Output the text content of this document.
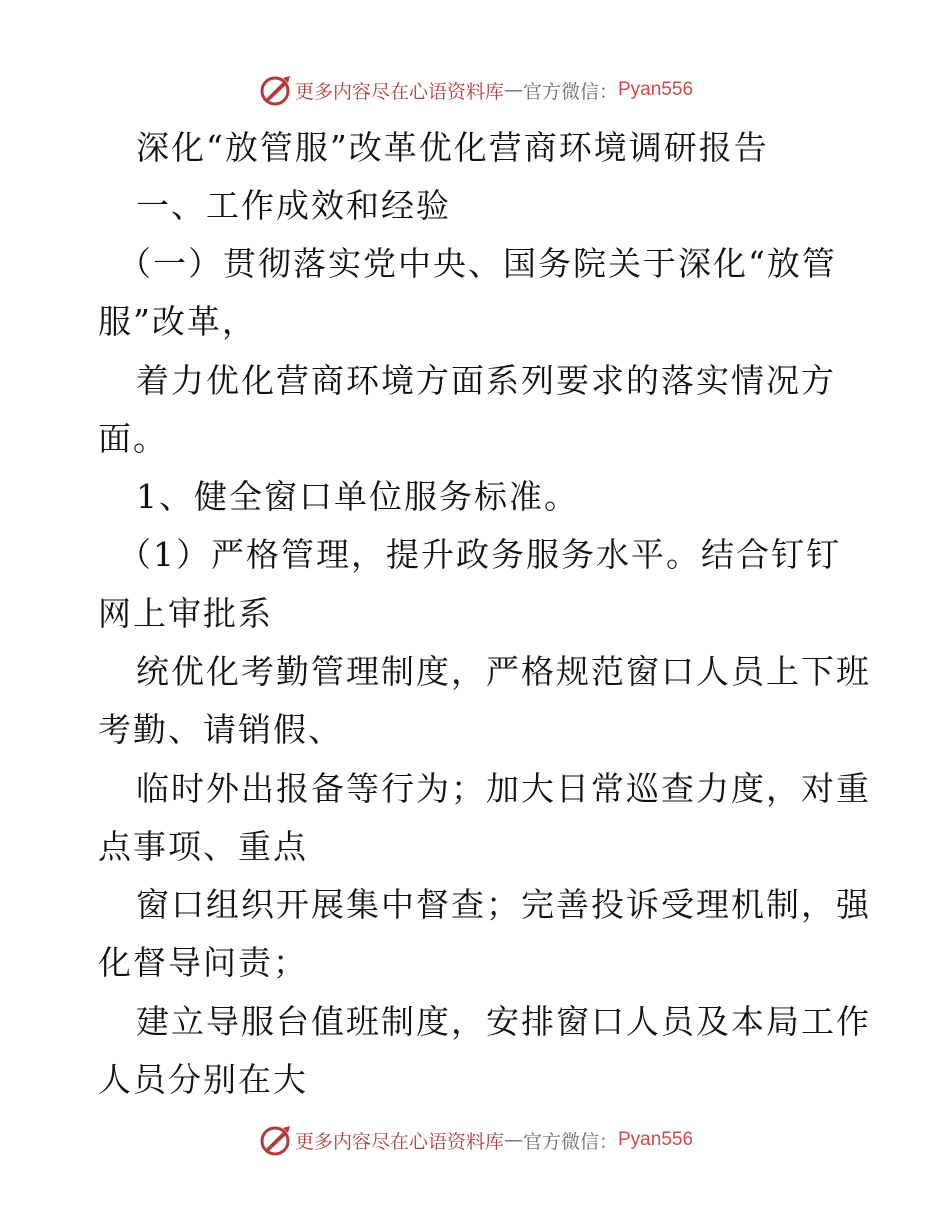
更多内容尽在心语资料库 — 官方微信： Pyan556
深化“放管服”改革优化营商环境调研报告
一、工作成效和经验
（一）贯彻落实党中央、国务院关于深化“放管
服”改革，
着力优化营商环境方面系列要求的落实情况方
面。
1、健全窗口单位服务标准。
（1）严格管理，提升政务服务水平。结合钉钉
网上审批系
统优化考勤管理制度，严格规范窗口人员上下班
考勤、请销假、
临时外出报备等行为；加大日常巡查力度，对重
点事项、重点
窗口组织开展集中督查；完善投诉受理机制，强
化督导问责；
建立导服台值班制度，安排窗口人员及本局工作
人员分别在大
更多内容尽在心语资料库 — 官方微信： Pyan556
